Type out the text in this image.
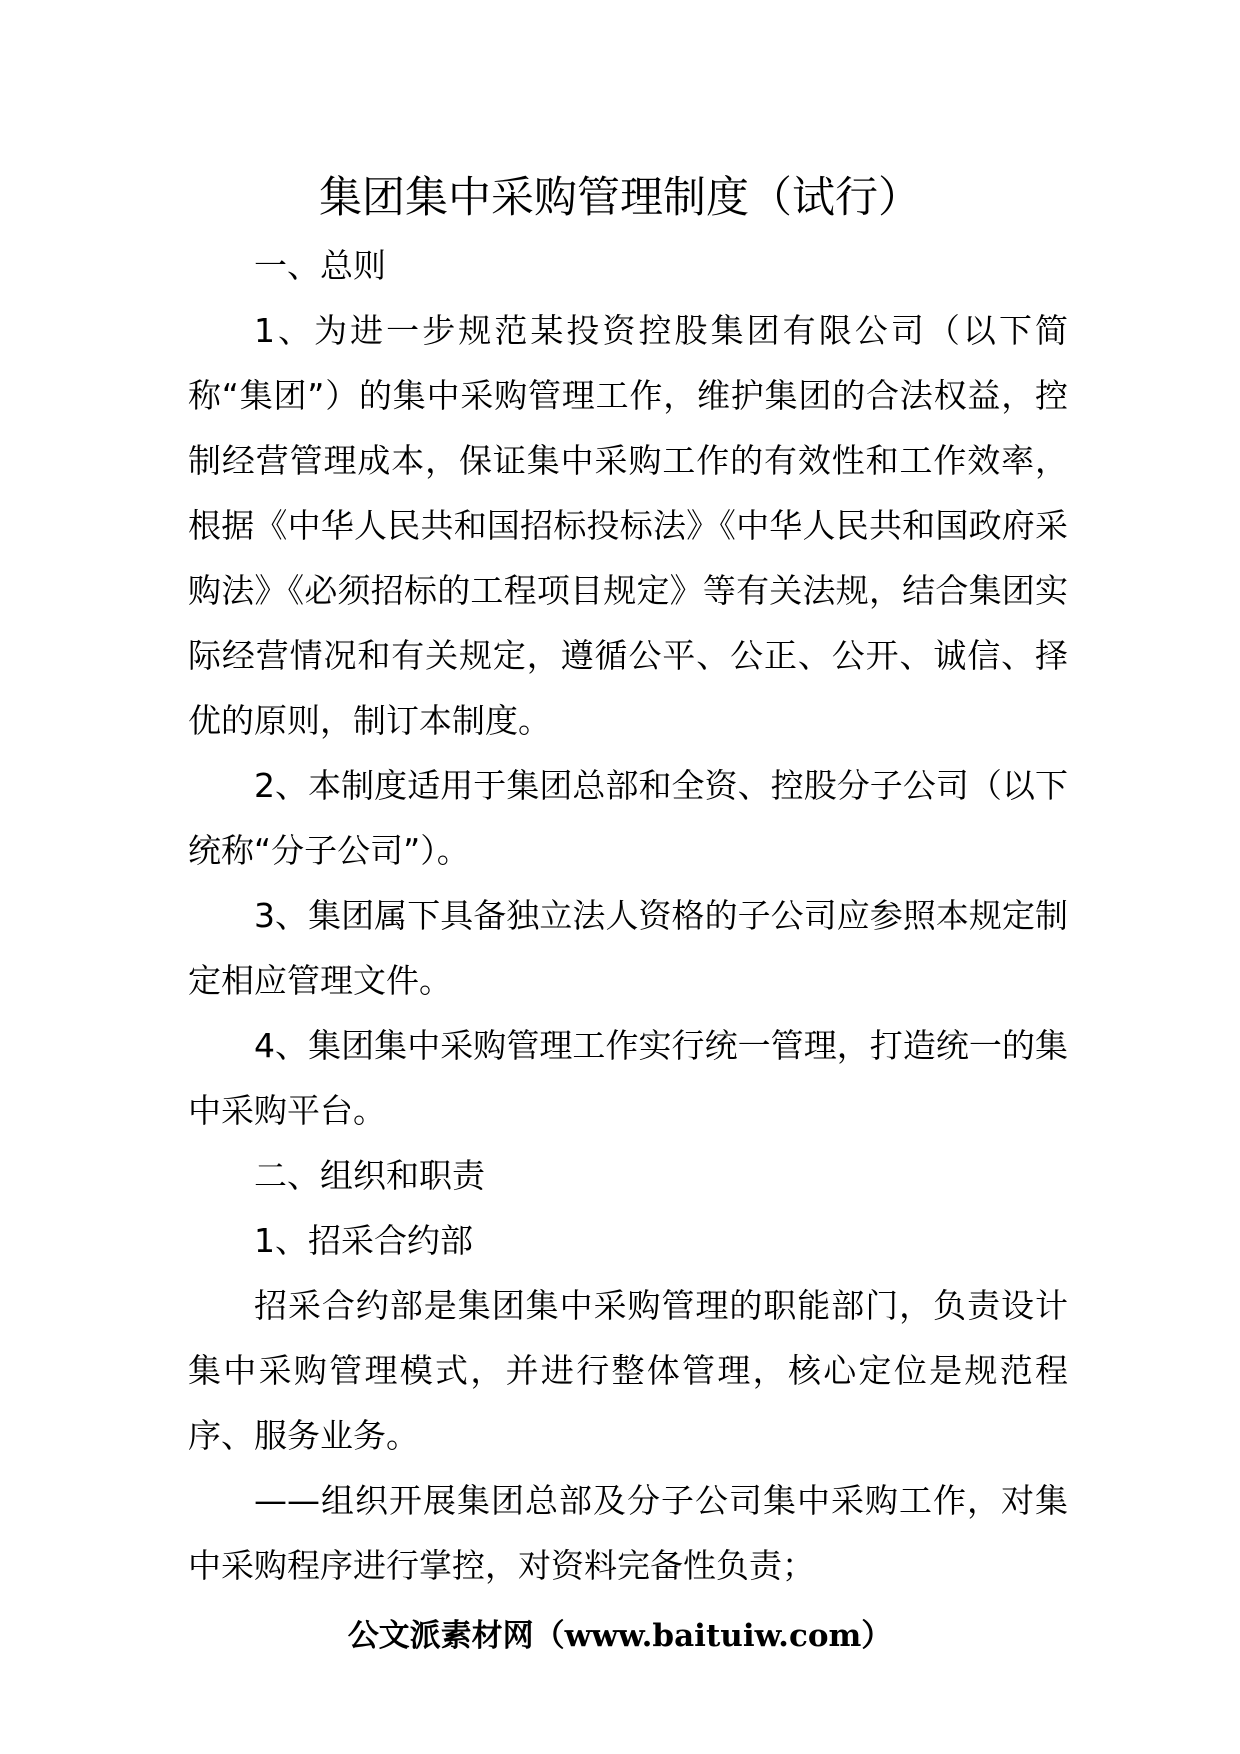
集团集中采购管理制度（试行）

一、总则

1、为进一步规范某投资控股集团有限公司（以下简称“集团”）的集中采购管理工作，维护集团的合法权益，控制经营管理成本，保证集中采购工作的有效性和工作效率，根据《中华人民共和国招标投标法》《中华人民共和国政府采购法》《必须招标的工程项目规定》等有关法规，结合集团实际经营情况和有关规定，遵循公平、公正、公开、诚信、择优的原则，制订本制度。

2、本制度适用于集团总部和全资、控股分子公司（以下统称“分子公司”）。

3、集团属下具备独立法人资格的子公司应参照本规定制定相应管理文件。

4、集团集中采购管理工作实行统一管理，打造统一的集中采购平台。

二、组织和职责

1、招采合约部

招采合约部是集团集中采购管理的职能部门，负责设计集中采购管理模式，并进行整体管理，核心定位是规范程序、服务业务。

——组织开展集团总部及分子公司集中采购工作，对集中采购程序进行掌控，对资料完备性负责；

公文派素材网（www.baituiw.com）
